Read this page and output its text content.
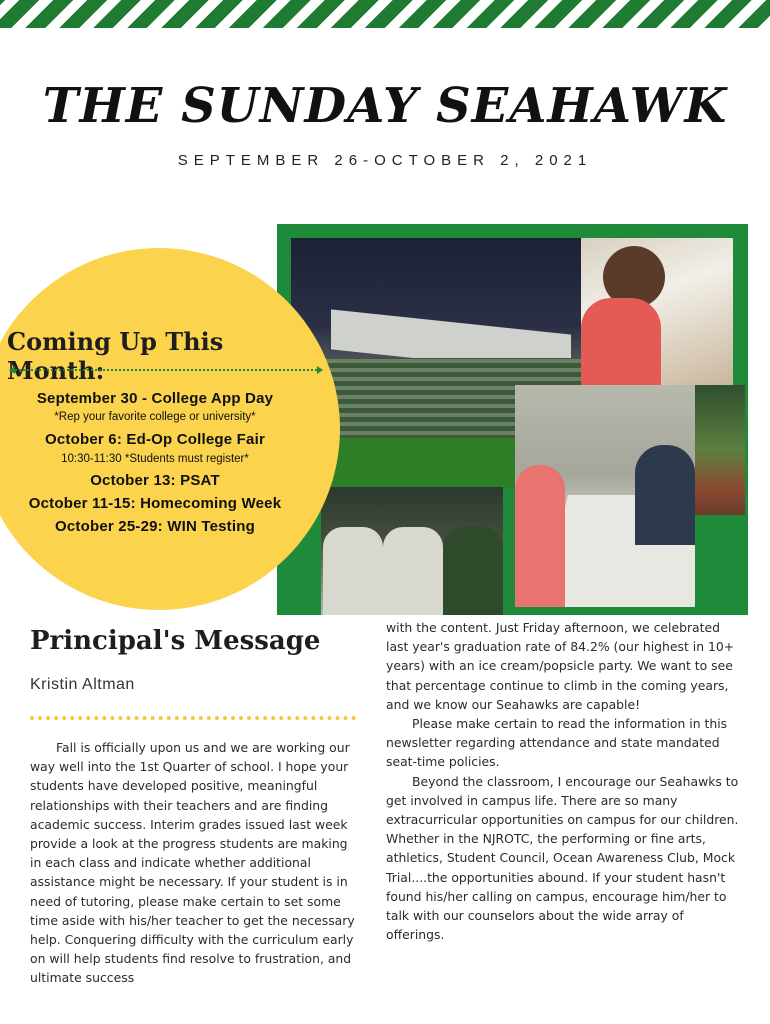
THE SUNDAY SEAHAWK
SEPTEMBER 26-OCTOBER 2, 2021
Coming Up This Month:
September 30 - College App Day
*Rep your favorite college or university*
October 6: Ed-Op College Fair
10:30-11:30 *Students must register*
October 13: PSAT
October 11-15: Homecoming Week
October 25-29: WIN Testing
Principal's Message
Kristin Altman

Fall is officially upon us and we are working our way well into the 1st Quarter of school. I hope your students have developed positive, meaningful relationships with their teachers and are finding academic success. Interim grades issued last week provide a look at the progress students are making in each class and indicate whether additional assistance might be necessary. If your student is in need of tutoring, please make certain to set some time aside with his/her teacher to get the necessary help. Conquering difficulty with the curriculum early on will help students find resolve to frustration, and ultimate success

with the content. Just Friday afternoon, we celebrated last year's graduation rate of 84.2% (our highest in 10+ years) with an ice cream/popsicle party. We want to see that percentage continue to climb in the coming years, and we know our Seahawks are capable!

Please make certain to read the information in this newsletter regarding attendance and state mandated seat-time policies.

Beyond the classroom, I encourage our Seahawks to get involved in campus life. There are so many extracurricular opportunities on campus for our children. Whether in the NJROTC, the performing or fine arts, athletics, Student Council, Ocean Awareness Club, Mock Trial....the opportunities abound. If your student hasn't found his/her calling on campus, encourage him/her to talk with our counselors about the wide array of offerings.
